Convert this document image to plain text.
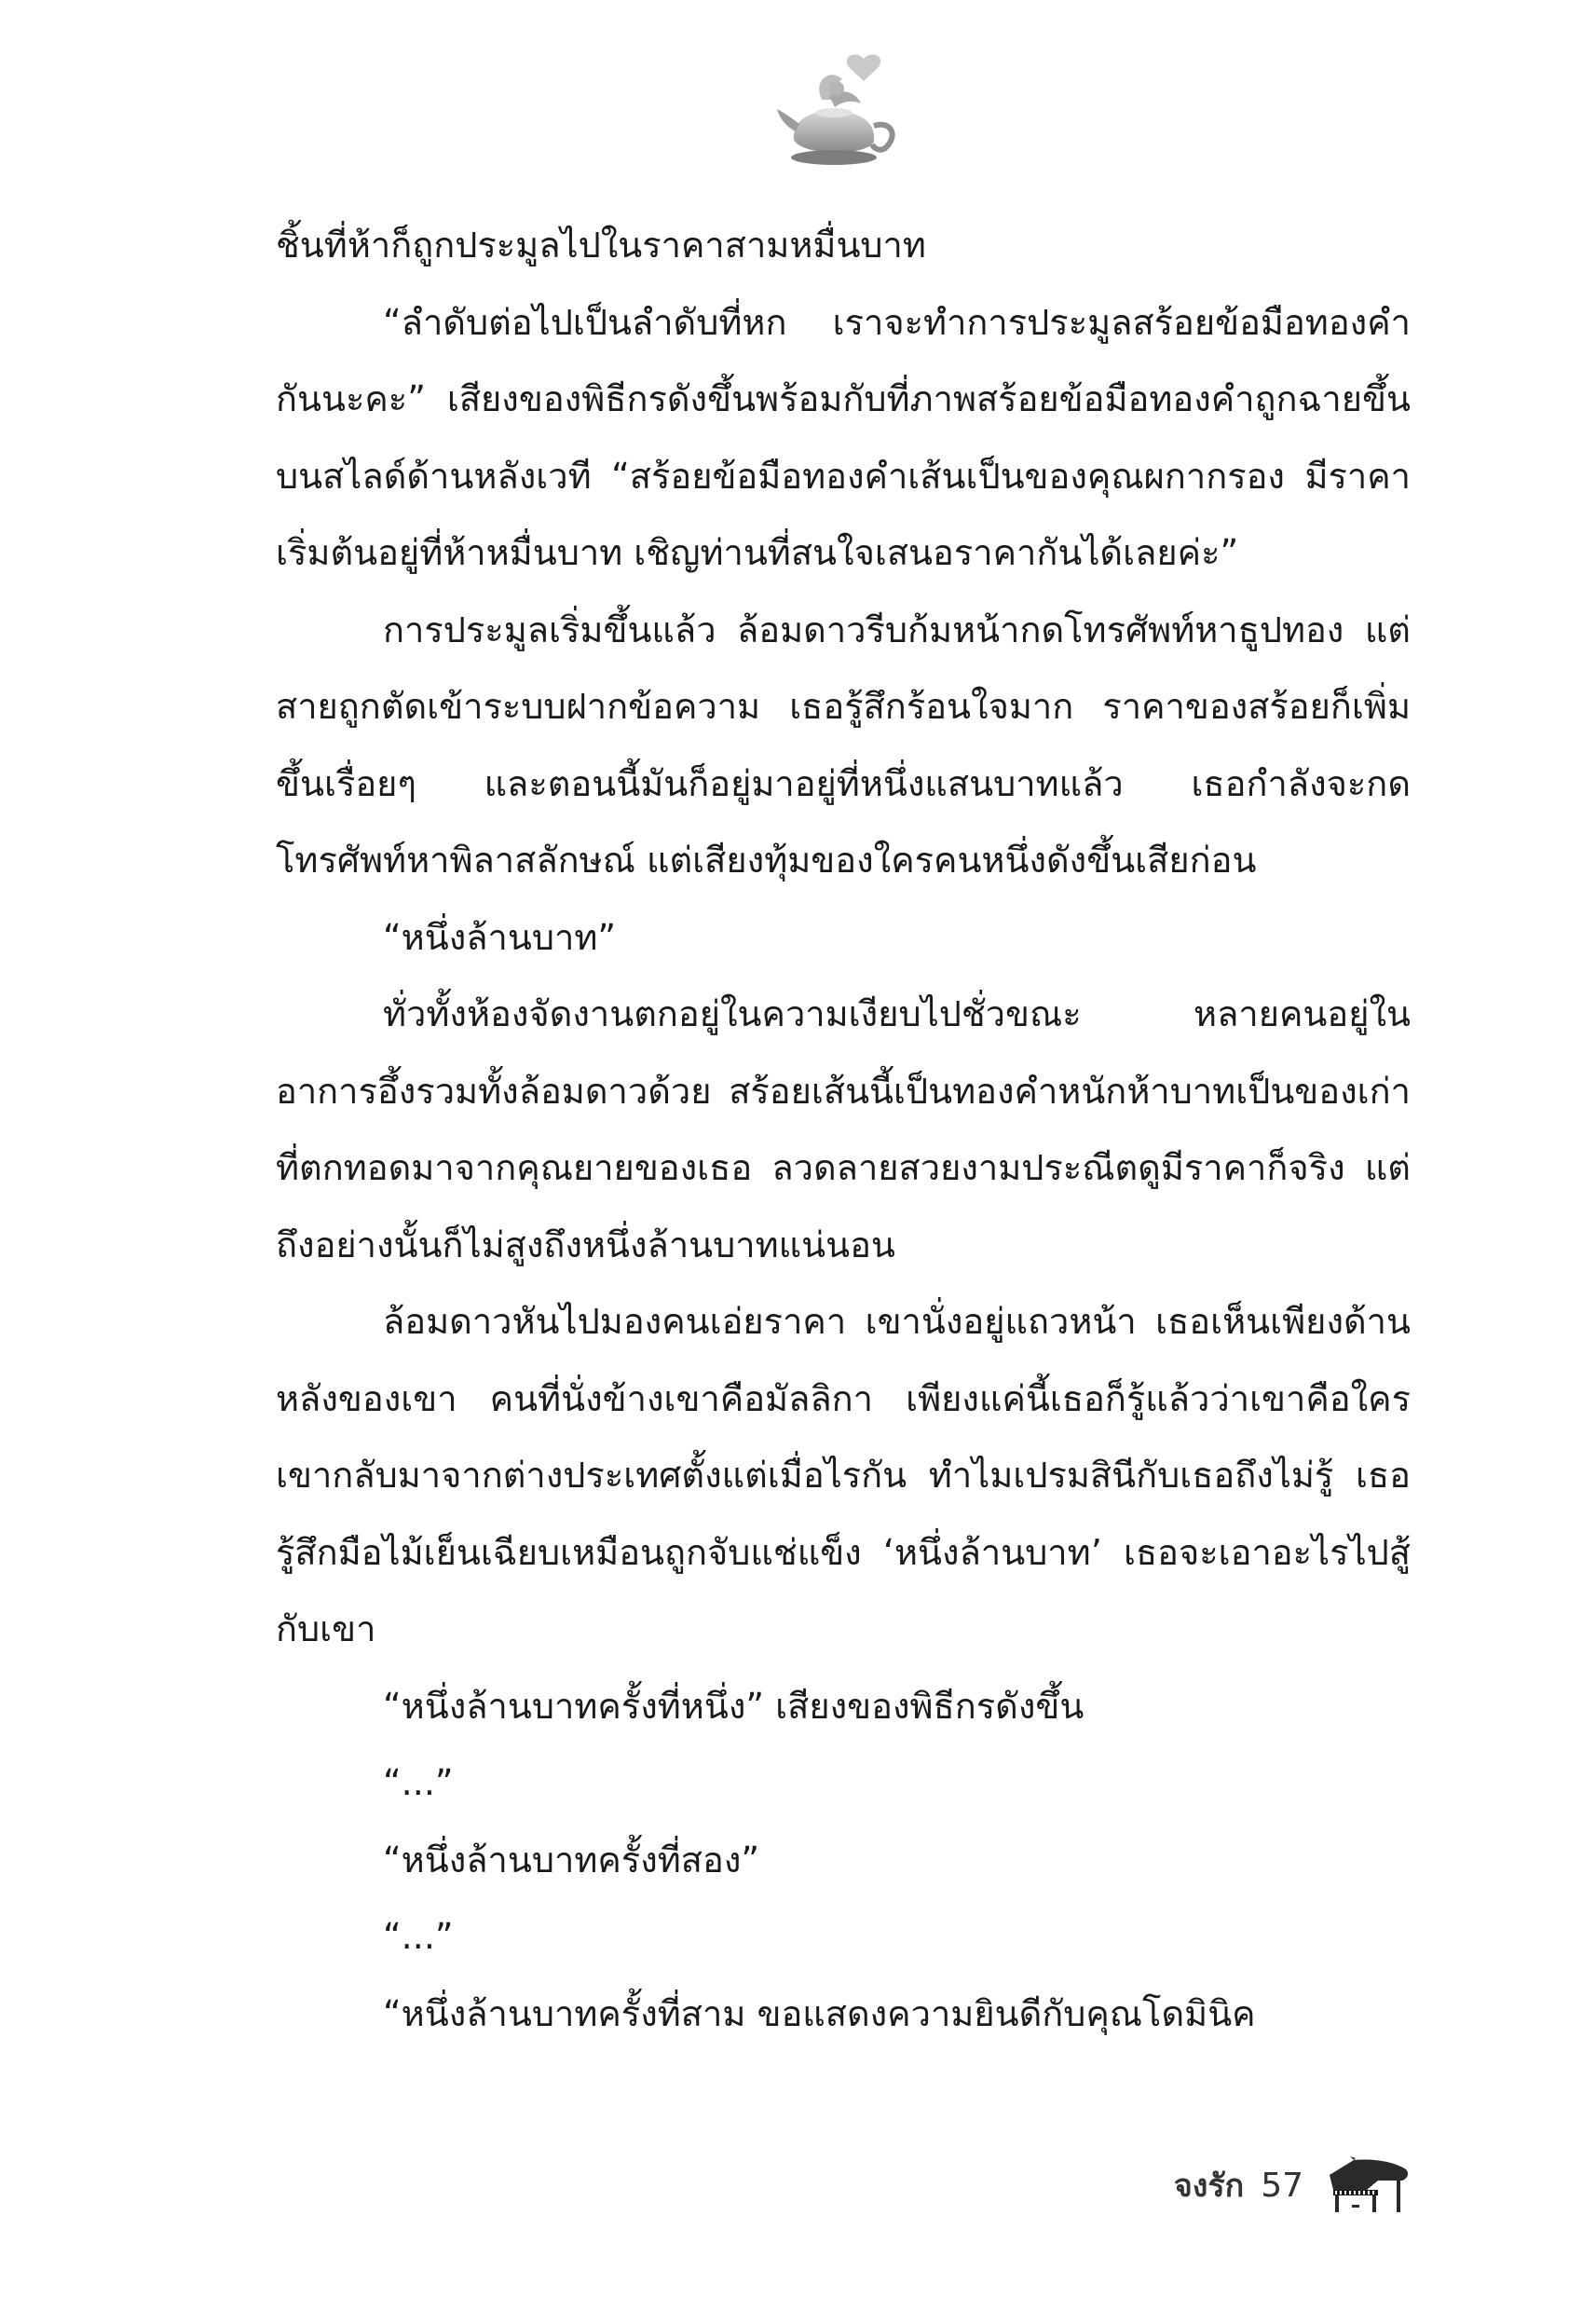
ชิ้นที่ห้าก็ถูกประมูลไปในราคาสามหมื่นบาท

“ลำดับต่อไปเป็นลำดับที่หก เราจะทำการประมูลสร้อยข้อมือทองคำกันนะคะ” เสียงของพิธีกรดังขึ้นพร้อมกับที่ภาพสร้อยข้อมือทองคำถูกฉายขึ้นบนสไลด์ด้านหลังเวที “สร้อยข้อมือทองคำเส้นเป็นของคุณผกากรอง มีราคาเริ่มต้นอยู่ที่ห้าหมื่นบาท เชิญท่านที่สนใจเสนอราคากันได้เลยค่ะ”

การประมูลเริ่มขึ้นแล้ว ล้อมดาวรีบก้มหน้ากดโทรศัพท์หาธูปทอง แต่สายถูกตัดเข้าระบบฝากข้อความ เธอรู้สึกร้อนใจมาก ราคาของสร้อยก็เพิ่มขึ้นเรื่อยๆ และตอนนี้มันก็อยู่มาอยู่ที่หนึ่งแสนบาทแล้ว เธอกำลังจะกดโทรศัพท์หาพิลาสลักษณ์ แต่เสียงทุ้มของใครคนหนึ่งดังขึ้นเสียก่อน

“หนึ่งล้านบาท”

ทั่วทั้งห้องจัดงานตกอยู่ในความเงียบไปชั่วขณะ หลายคนอยู่ในอาการอึ้งรวมทั้งล้อมดาวด้วย สร้อยเส้นนี้เป็นทองคำหนักห้าบาทเป็นของเก่าที่ตกทอดมาจากคุณยายของเธอ ลวดลายสวยงามประณีตดูมีราคาก็จริง แต่ถึงอย่างนั้นก็ไม่สูงถึงหนึ่งล้านบาทแน่นอน

ล้อมดาวหันไปมองคนเอ่ยราคา เขานั่งอยู่แถวหน้า เธอเห็นเพียงด้านหลังของเขา คนที่นั่งข้างเขาคือมัลลิกา เพียงแค่นี้เธอก็รู้แล้วว่าเขาคือใคร เขากลับมาจากต่างประเทศตั้งแต่เมื่อไรกัน ทำไมเปรมสินีกับเธอถึงไม่รู้ เธอรู้สึกมือไม้เย็นเฉียบเหมือนถูกจับแช่แข็ง ‘หนึ่งล้านบาท’ เธอจะเอาอะไรไปสู้กับเขา

“หนึ่งล้านบาทครั้งที่หนึ่ง” เสียงของพิธีกรดังขึ้น

“...”

“หนึ่งล้านบาทครั้งที่สอง”

“...”

“หนึ่งล้านบาทครั้งที่สาม ขอแสดงความยินดีกับคุณโดมินิค

จงรัก 57
